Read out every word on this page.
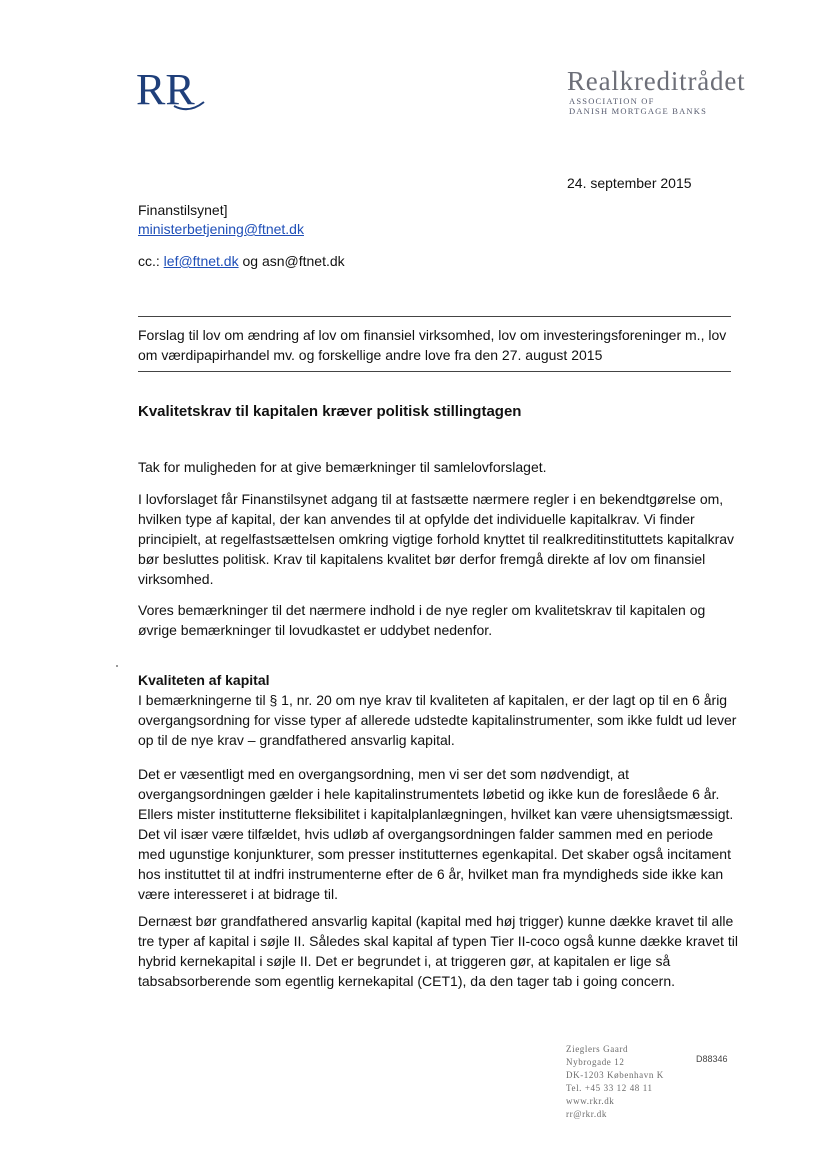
RR	Realkreditrådet
ASSOCIATION OF
DANISH MORTGAGE BANKS
24. september 2015
Finanstilsynet]
ministerbetjening@ftnet.dk
cc.: lef@ftnet.dk og asn@ftnet.dk
Forslag til lov om ændring af lov om finansiel virksomhed, lov om investeringsforeninger m., lov om værdipapirhandel mv. og forskellige andre love fra den 27. august 2015
Kvalitetskrav til kapitalen kræver politisk stillingtagen

Tak for muligheden for at give bemærkninger til samlelovforslaget.

I lovforslaget får Finanstilsynet adgang til at fastsætte nærmere regler i en bekendtgørelse om, hvilken type af kapital, der kan anvendes til at opfylde det individuelle kapitalkrav. Vi finder principielt, at regelfastsættelsen omkring vigtige forhold knyttet til realkreditinstituttets kapitalkrav bør besluttes politisk. Krav til kapitalens kvalitet bør derfor fremgå direkte af lov om finansiel virksomhed.

Vores bemærkninger til det nærmere indhold i de nye regler om kvalitetskrav til kapitalen og øvrige bemærkninger til lovudkastet er uddybet nedenfor.

Kvaliteten af kapital
I bemærkningerne til § 1, nr. 20 om nye krav til kvaliteten af kapitalen, er der lagt op til en 6 årig overgangsordning for visse typer af allerede udstedte kapitalinstrumenter, som ikke fuldt ud lever op til de nye krav – grandfathered ansvarlig kapital.

Det er væsentligt med en overgangsordning, men vi ser det som nødvendigt, at overgangsordningen gælder i hele kapitalinstrumentets løbetid og ikke kun de foreslåede 6 år. Ellers mister institutterne fleksibilitet i kapitalplanlægningen, hvilket kan være uhensigtsmæssigt. Det vil især være tilfældet, hvis udløb af overgangsordningen falder sammen med en periode med ugunstige konjunkturer, som presser institutternes egenkapital. Det skaber også incitament hos instituttet til at indfri instrumenterne efter de 6 år, hvilket man fra myndigheds side ikke kan være interesseret i at bidrage til.

Dernæst bør grandfathered ansvarlig kapital (kapital med høj trigger) kunne dække kravet til alle tre typer af kapital i søjle II. Således skal kapital af typen Tier II-coco også kunne dække kravet til hybrid kernekapital i søjle II. Det er begrundet i, at triggeren gør, at kapitalen er lige så tabsabsorberende som egentlig kernekapital (CET1), da den tager tab i going concern.

Zieglers Gaard
Nybrogade 12
DK-1203 København K
Tel. +45 33 12 48 11
www.rkr.dk
rr@rkr.dk
D88346
